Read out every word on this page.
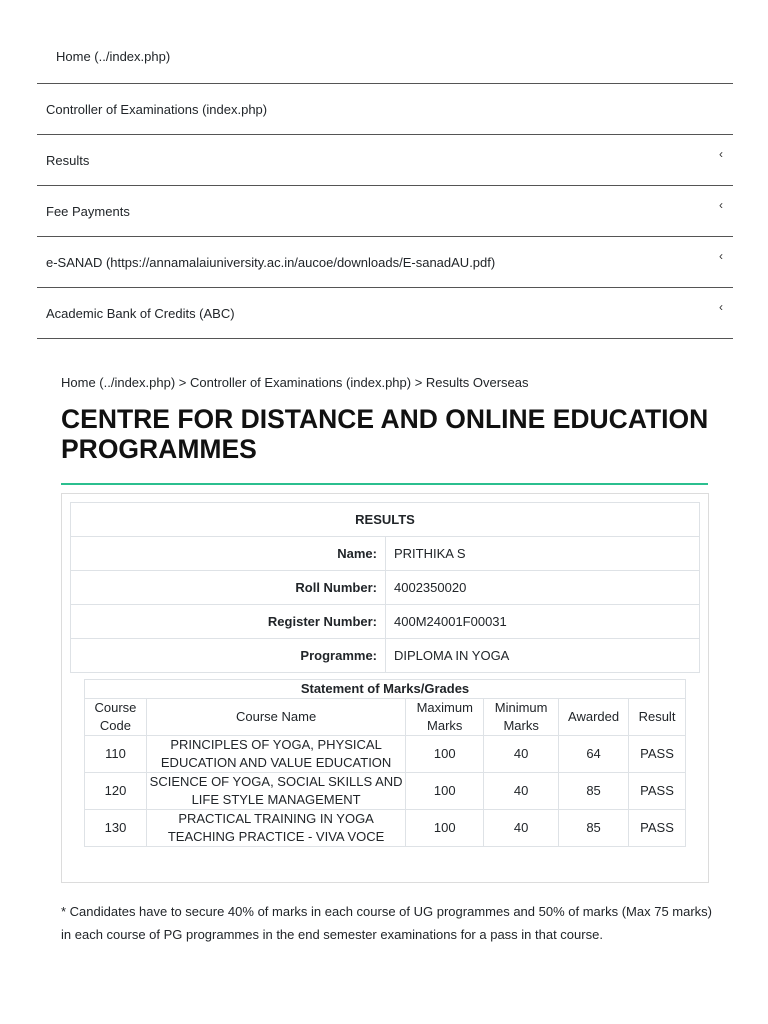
Home (../index.php)
Controller of Examinations (index.php)
Results	‹
Fee Payments	‹
e-SANAD (https://annamalaiuniversity.ac.in/aucoe/downloads/E-sanadAU.pdf)	‹
Academic Bank of Credits (ABC)	‹
Home (../index.php) > Controller of Examinations (index.php) > Results Overseas
CENTRE FOR DISTANCE AND ONLINE EDUCATION PROGRAMMES
RESULTS	
Name:	PRITHIKA S
Roll Number:	4002350020
Register Number:	400M24001F00031
Programme:	DIPLOMA IN YOGA
Statement of Marks/Grades					
Course Code	Course Name	Maximum Marks	Minimum Marks	Awarded	Result
110	PRINCIPLES OF YOGA, PHYSICAL EDUCATION AND VALUE EDUCATION	100	40	64	PASS
120	SCIENCE OF YOGA, SOCIAL SKILLS AND LIFE STYLE MANAGEMENT	100	40	85	PASS
130	PRACTICAL TRAINING IN YOGA TEACHING PRACTICE - VIVA VOCE	100	40	85	PASS

* Candidates have to secure 40% of marks in each course of UG programmes and 50% of marks (Max 75 marks) in each course of PG programmes in the end semester examinations for a pass in that course.
